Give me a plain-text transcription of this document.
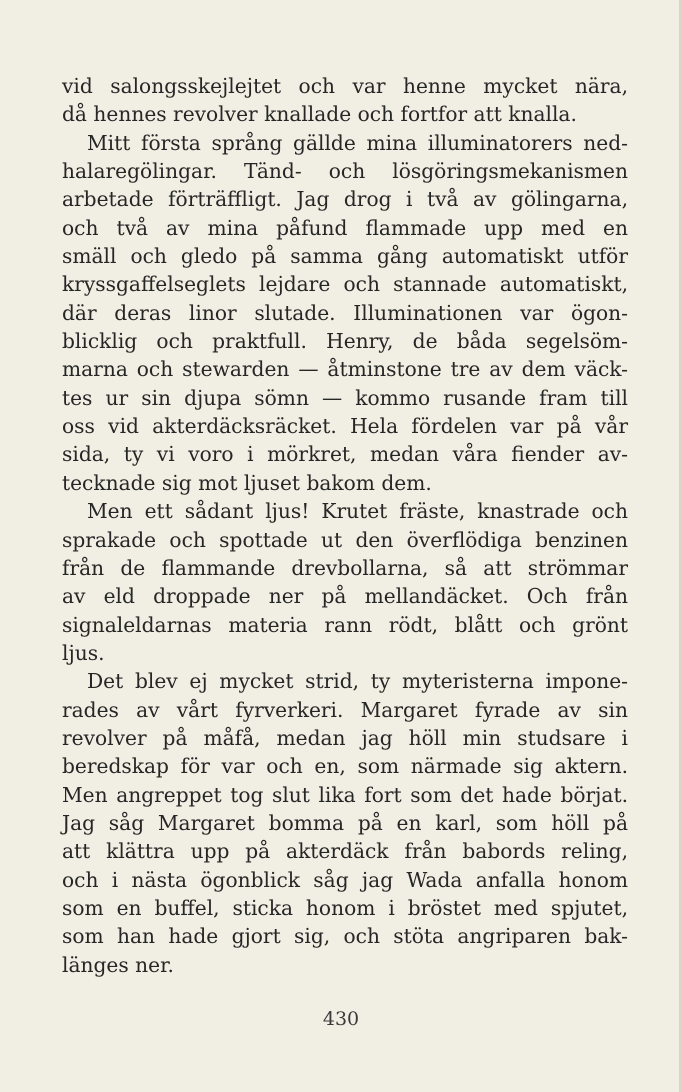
vid salongsskejlejtet och var henne mycket nära,
då hennes revolver knallade och fortfor att knalla.
Mitt första språng gällde mina illuminatorers ned-
halaregölingar. Tänd- och lösgöringsmekanismen
arbetade förträffligt. Jag drog i två av gölingarna,
och två av mina påfund flammade upp med en
smäll och gledo på samma gång automatiskt utför
kryssgaffelseglets lejdare och stannade automatiskt,
där deras linor slutade. Illuminationen var ögon-
blicklig och praktfull. Henry, de båda segelsöm-
marna och stewarden — åtminstone tre av dem väck-
tes ur sin djupa sömn — kommo rusande fram till
oss vid akterdäcksräcket. Hela fördelen var på vår
sida, ty vi voro i mörkret, medan våra fiender av-
tecknade sig mot ljuset bakom dem.
Men ett sådant ljus! Krutet fräste, knastrade och
sprakade och spottade ut den överflödiga benzinen
från de flammande drevbollarna, så att strömmar
av eld droppade ner på mellandäcket. Och från
signaleldarnas materia rann rödt, blått och grönt
ljus.
Det blev ej mycket strid, ty myteristerna impone-
rades av vårt fyrverkeri. Margaret fyrade av sin
revolver på måfå, medan jag höll min studsare i
beredskap för var och en, som närmade sig aktern.
Men angreppet tog slut lika fort som det hade börjat.
Jag såg Margaret bomma på en karl, som höll på
att klättra upp på akterdäck från babords reling,
och i nästa ögonblick såg jag Wada anfalla honom
som en buffel, sticka honom i bröstet med spjutet,
som han hade gjort sig, och stöta angriparen bak-
länges ner.
430
